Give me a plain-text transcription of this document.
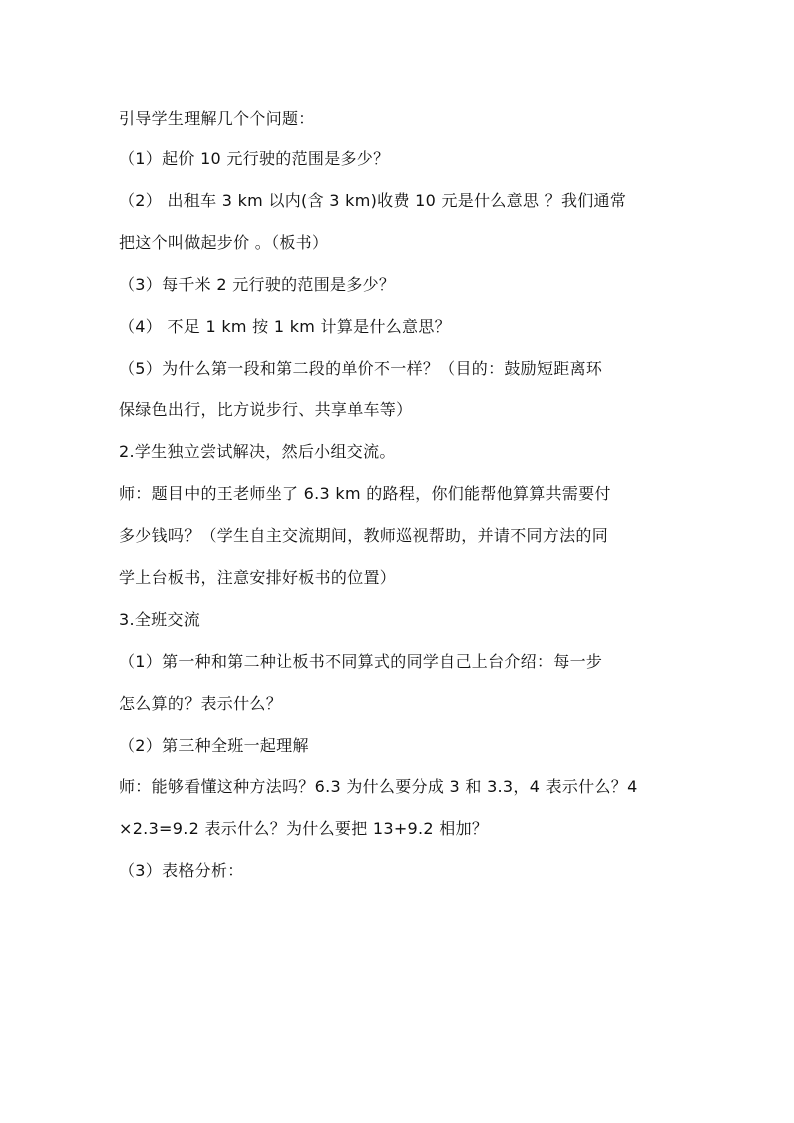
引导学生理解几个个问题：
（1）起价 10 元行驶的范围是多少？
（2） 出租车 3 km 以内(含 3 km)收费 10 元是什么意思 ？我们通常
把这个叫做起步价 。（板书）
（3）每千米 2 元行驶的范围是多少？
（4） 不足 1 km 按 1 km 计算是什么意思？
（5）为什么第一段和第二段的单价不一样？（目的：鼓励短距离环
保绿色出行，比方说步行、共享单车等）
2.学生独立尝试解决，然后小组交流。
师：题目中的王老师坐了 6.3 km 的路程，你们能帮他算算共需要付
多少钱吗？（学生自主交流期间，教师巡视帮助，并请不同方法的同
学上台板书，注意安排好板书的位置）
3.全班交流
（1）第一种和第二种让板书不同算式的同学自己上台介绍：每一步
怎么算的？表示什么？
（2）第三种全班一起理解
师：能够看懂这种方法吗？6.3 为什么要分成 3 和 3.3，4 表示什么？4
×2.3=9.2 表示什么？为什么要把 13+9.2 相加？
（3）表格分析：
